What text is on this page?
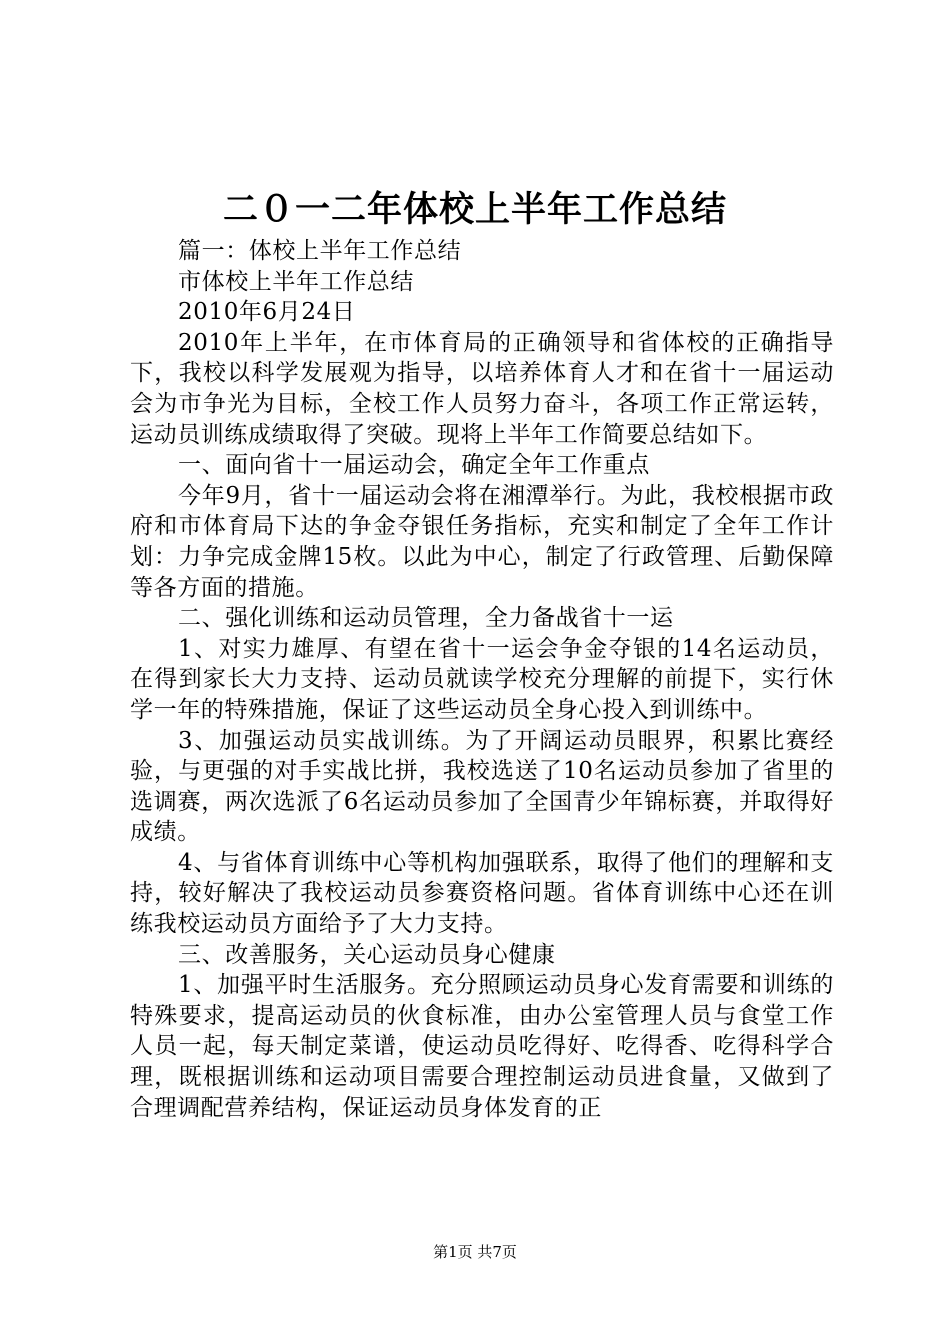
二０一二年体校上半年工作总结

篇一：体校上半年工作总结

市体校上半年工作总结

2010年6月24日

2010年上半年，在市体育局的正确领导和省体校的正确指导下，我校以科学发展观为指导，以培养体育人才和在省十一届运动会为市争光为目标，全校工作人员努力奋斗，各项工作正常运转，运动员训练成绩取得了突破。现将上半年工作简要总结如下。

一、面向省十一届运动会，确定全年工作重点

今年9月，省十一届运动会将在湘潭举行。为此，我校根据市政府和市体育局下达的争金夺银任务指标，充实和制定了全年工作计划：力争完成金牌15枚。以此为中心，制定了行政管理、后勤保障等各方面的措施。

二、强化训练和运动员管理，全力备战省十一运

1、对实力雄厚、有望在省十一运会争金夺银的14名运动员，在得到家长大力支持、运动员就读学校充分理解的前提下，实行休学一年的特殊措施，保证了这些运动员全身心投入到训练中。

3、加强运动员实战训练。为了开阔运动员眼界，积累比赛经验，与更强的对手实战比拼，我校选送了10名运动员参加了省里的选调赛，两次选派了6名运动员参加了全国青少年锦标赛，并取得好成绩。

4、与省体育训练中心等机构加强联系，取得了他们的理解和支持，较好解决了我校运动员参赛资格问题。省体育训练中心还在训练我校运动员方面给予了大力支持。

三、改善服务，关心运动员身心健康

1、加强平时生活服务。充分照顾运动员身心发育需要和训练的特殊要求，提高运动员的伙食标准，由办公室管理人员与食堂工作人员一起，每天制定菜谱，使运动员吃得好、吃得香、吃得科学合理，既根据训练和运动项目需要合理控制运动员进食量，又做到了合理调配营养结构，保证运动员身体发育的正

第1页 共7页
